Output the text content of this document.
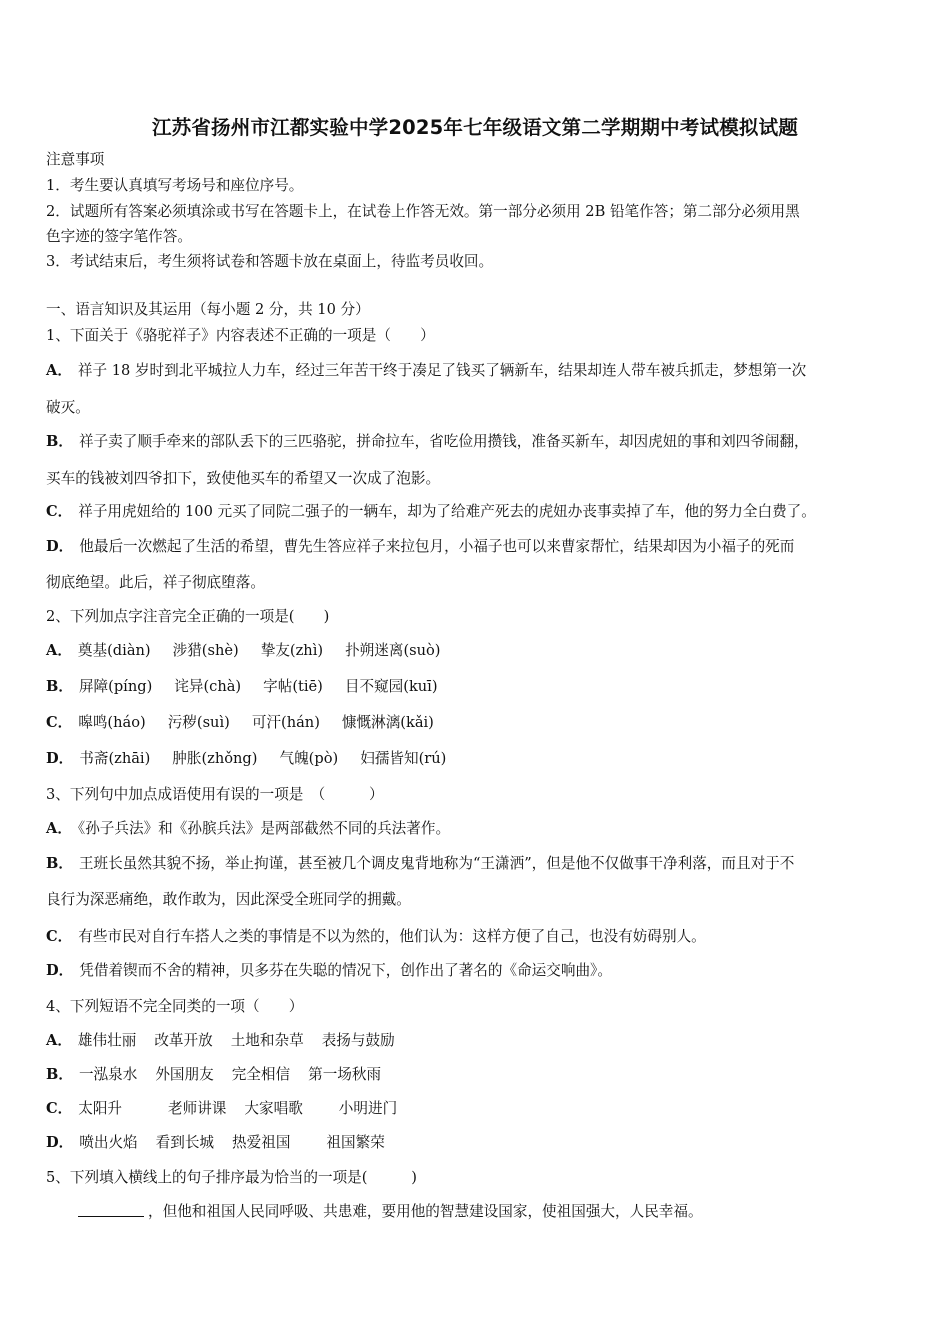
江苏省扬州市江都实验中学2025年七年级语文第二学期期中考试模拟试题
注意事项
1．考生要认真填写考场号和座位序号。
2．试题所有答案必须填涂或书写在答题卡上，在试卷上作答无效。第一部分必须用 2B 铅笔作答；第二部分必须用黑
色字迹的签字笔作答。
3．考试结束后，考生须将试卷和答题卡放在桌面上，待监考员收回。
一、语言知识及其运用（每小题 2 分，共 10 分）
1、下面关于《骆驼祥子》内容表述不正确的一项是（　　）
A． 祥子 18 岁时到北平城拉人力车，经过三年苦干终于凑足了钱买了辆新车，结果却连人带车被兵抓走，梦想第一次
破灭。
B． 祥子卖了顺手牵来的部队丢下的三匹骆驼，拼命拉车，省吃俭用攒钱，准备买新车，却因虎妞的事和刘四爷闹翻，
买车的钱被刘四爷扣下，致使他买车的希望又一次成了泡影。
C． 祥子用虎妞给的 100 元买了同院二强子的一辆车，却为了给难产死去的虎妞办丧事卖掉了车，他的努力全白费了。
D． 他最后一次燃起了生活的希望，曹先生答应祥子来拉包月，小福子也可以来曹家帮忙，结果却因为小福子的死而
彻底绝望。此后，祥子彻底堕落。
2、下列加点字注音完全正确的一项是(　　)
A． 奠基(diàn) 涉猎(shè) 挚友(zhì) 扑朔迷离(suò)
B． 屏障(píng) 诧异(chà) 字帖(tiē) 目不窥园(kuī)
C． 嗥鸣(háo) 污秽(suì) 可汗(hán) 慷慨淋漓(kǎi)
D． 书斋(zhāi) 肿胀(zhǒng) 气魄(pò) 妇孺皆知(rú)
3、下列句中加点成语使用有误的一项是　（　　　）
A． 《孙子兵法》和《孙膑兵法》是两部截然不同的兵法著作。
B． 王班长虽然其貌不扬，举止拘谨，甚至被几个调皮鬼背地称为“王潇洒”，但是他不仅做事干净利落，而且对于不
良行为深恶痛绝，敢作敢为，因此深受全班同学的拥戴。
C． 有些市民对自行车搭人之类的事情是不以为然的，他们认为：这样方便了自己，也没有妨碍别人。
D． 凭借着锲而不舍的精神，贝多芬在失聪的情况下，创作出了著名的《命运交响曲》。
4、下列短语不完全同类的一项（　　）
A． 雄伟壮丽 改革开放 土地和杂草 表扬与鼓励
B． 一泓泉水 外国朋友 完全相信 第一场秋雨
C． 太阳升	老师讲课 大家唱歌 小明进门
D． 喷出火焰 看到长城 热爱祖国 祖国繁荣
5、下列填入横线上的句子排序最为恰当的一项是(　　　)
，但他和祖国人民同呼吸、共患难，要用他的智慧建设国家，使祖国强大，人民幸福。
